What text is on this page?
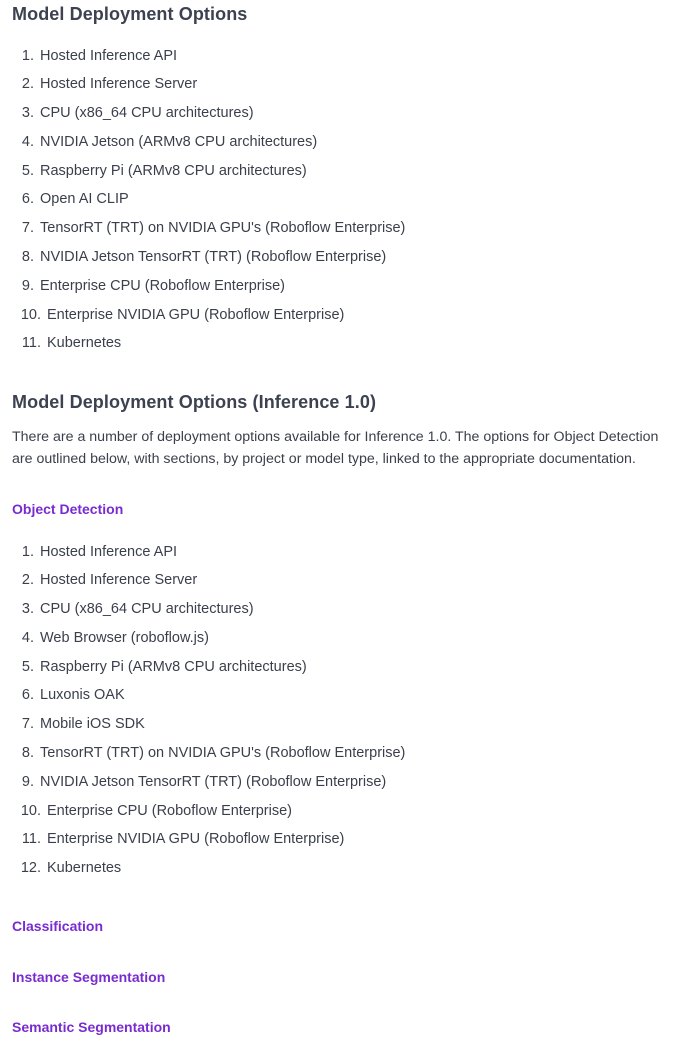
Model Deployment Options
1. Hosted Inference API
2. Hosted Inference Server
3. CPU (x86_64 CPU architectures)
4. NVIDIA Jetson (ARMv8 CPU architectures)
5. Raspberry Pi (ARMv8 CPU architectures)
6. Open AI CLIP
7. TensorRT (TRT) on NVIDIA GPU's (Roboflow Enterprise)
8. NVIDIA Jetson TensorRT (TRT) (Roboflow Enterprise)
9. Enterprise CPU (Roboflow Enterprise)
10. Enterprise NVIDIA GPU (Roboflow Enterprise)
11. Kubernetes
Model Deployment Options (Inference 1.0)

There are a number of deployment options available for Inference 1.0. The options for Object Detection are outlined below, with sections, by project or model type, linked to the appropriate documentation.

Object Detection
1. Hosted Inference API
2. Hosted Inference Server
3. CPU (x86_64 CPU architectures)
4. Web Browser (roboflow.js)
5. Raspberry Pi (ARMv8 CPU architectures)
6. Luxonis OAK
7. Mobile iOS SDK
8. TensorRT (TRT) on NVIDIA GPU's (Roboflow Enterprise)
9. NVIDIA Jetson TensorRT (TRT) (Roboflow Enterprise)
10. Enterprise CPU (Roboflow Enterprise)
11. Enterprise NVIDIA GPU (Roboflow Enterprise)
12. Kubernetes
Classification
Instance Segmentation
Semantic Segmentation
